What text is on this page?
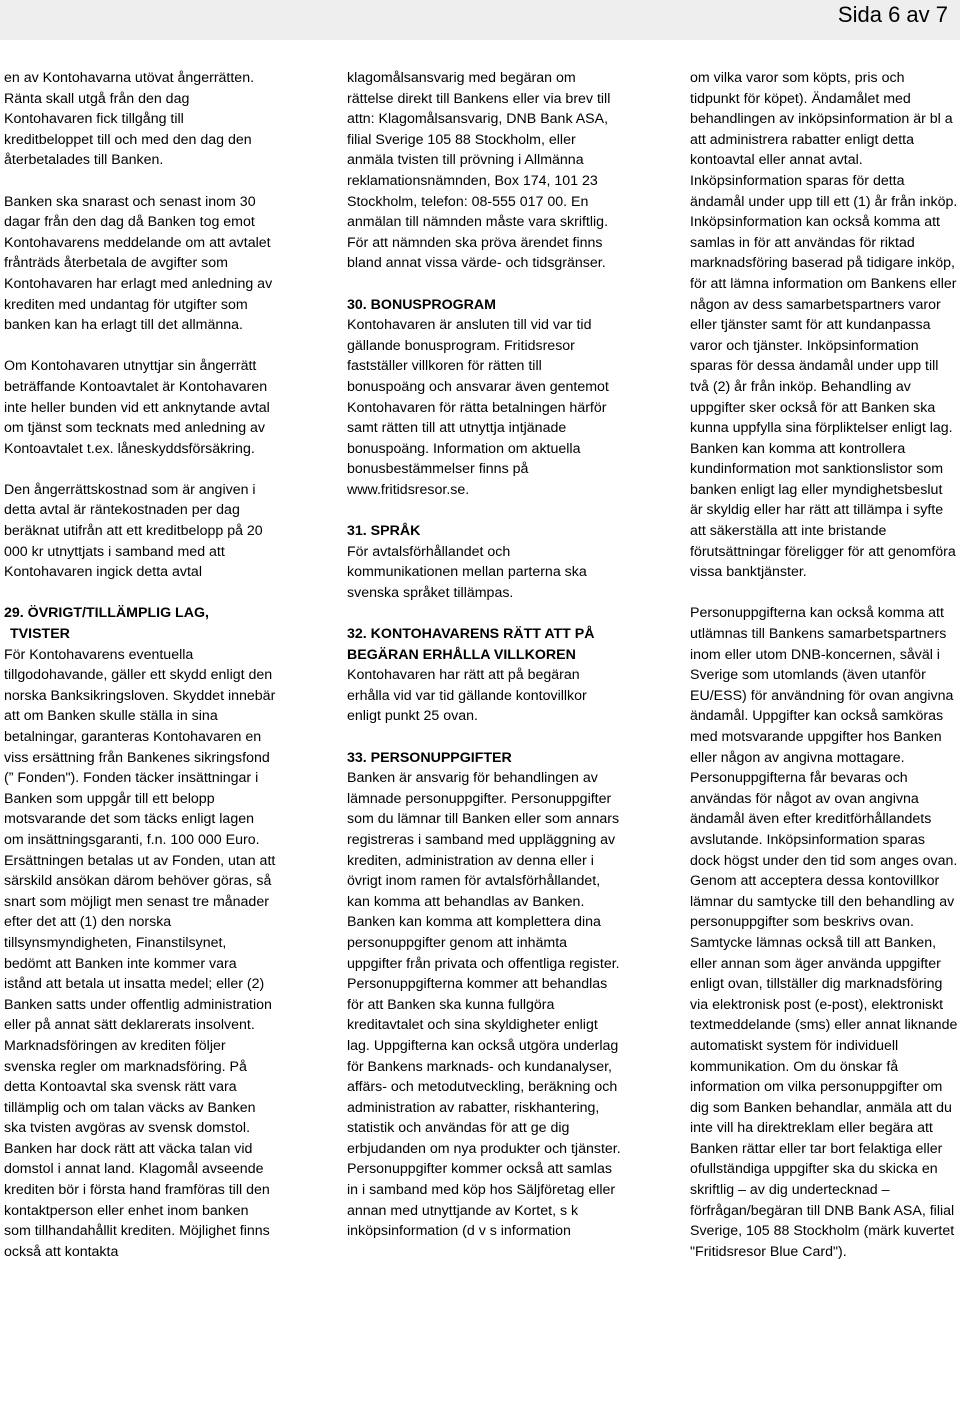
Sida 6 av 7

en av Kontohavarna utövat ångerrätten. Ränta skall utgå från den dag Kontohavaren fick tillgång till kreditbeloppet till och med den dag den återbetalades till Banken.

Banken ska snarast och senast inom 30 dagar från den dag då Banken tog emot Kontohavarens meddelande om att avtalet frånträds återbetala de avgifter som Kontohavaren har erlagt med anledning av krediten med undantag för utgifter som banken kan ha erlagt till det allmänna.

Om Kontohavaren utnyttjar sin ångerrätt beträffande Kontoavtalet är Kontohavaren inte heller bunden vid ett anknytande avtal om tjänst som tecknats med anledning av Kontoavtalet t.ex. låneskyddsförsäkring.

Den ångerrättskostnad som är angiven i detta avtal är räntekostnaden per dag beräknat utifrån att ett kreditbelopp på 20 000 kr utnyttjats i samband med att Kontohavaren ingick detta avtal

29. ÖVRIGT/TILLÄMPLIG LAG,
TVISTER

För Kontohavarens eventuella tillgodohavande, gäller ett skydd enligt den norska Banksikringsloven. Skyddet innebär att om Banken skulle ställa in sina betalningar, garanteras Kontohavaren en viss ersättning från Bankenes sikringsfond (” Fonden"). Fonden täcker insättningar i Banken som uppgår till ett belopp motsvarande det som täcks enligt lagen om insättningsgaranti, f.n. 100 000 Euro. Ersättningen betalas ut av Fonden, utan att särskild ansökan därom behöver göras, så snart som möjligt men senast tre månader efter det att (1) den norska tillsynsmyndigheten, Finanstilsynet, bedömt att Banken inte kommer vara istånd att betala ut insatta medel; eller (2) Banken satts under offentlig administration eller på annat sätt deklarerats insolvent.

Marknadsföringen av krediten följer svenska regler om marknadsföring. På detta Kontoavtal ska svensk rätt vara tillämplig och om talan väcks av Banken ska tvisten avgöras av svensk domstol. Banken har dock rätt att väcka talan vid domstol i annat land. Klagomål avseende krediten bör i första hand framföras till den kontaktperson eller enhet inom banken som tillhandahållit krediten. Möjlighet finns också att kontakta

klagomålsansvarig med begäran om rättelse direkt till Bankens eller via brev till attn: Klagomålsansvarig, DNB Bank ASA, filial Sverige 105 88 Stockholm, eller anmäla tvisten till prövning i Allmänna reklamationsnämnden, Box 174, 101 23 Stockholm, telefon: 08-555 017 00. En anmälan till nämnden måste vara skriftlig. För att nämnden ska pröva ärendet finns bland annat vissa värde- och tidsgränser.

30. BONUSPROGRAM

Kontohavaren är ansluten till vid var tid gällande bonusprogram. Fritidsresor fastställer villkoren för rätten till bonuspoäng och ansvarar även gentemot Kontohavaren för rätta betalningen härför samt rätten till att utnyttja intjänade bonuspoäng. Information om aktuella bonusbestämmelser finns på www.fritidsresor.se.

31. SPRÅK

För avtalsförhållandet och kommunikationen mellan parterna ska svenska språket tillämpas.

32. KONTOHAVARENS RÄTT ATT PÅ BEGÄRAN ERHÅLLA VILLKOREN

Kontohavaren har rätt att på begäran erhålla vid var tid gällande kontovillkor enligt punkt 25 ovan.

33. PERSONUPPGIFTER

Banken är ansvarig för behandlingen av lämnade personuppgifter. Personuppgifter som du lämnar till Banken eller som annars registreras i samband med uppläggning av krediten, administration av denna eller i övrigt inom ramen för avtalsförhållandet, kan komma att behandlas av Banken. Banken kan komma att komplettera dina personuppgifter genom att inhämta uppgifter från privata och offentliga register. Personuppgifterna kommer att behandlas för att Banken ska kunna fullgöra kreditavtalet och sina skyldigheter enligt lag. Uppgifterna kan också utgöra underlag för Bankens marknads- och kundanalyser, affärs- och metodutveckling, beräkning och administration av rabatter, riskhantering, statistik och användas för att ge dig erbjudanden om nya produkter och tjänster. Personuppgifter kommer också att samlas in i samband med köp hos Säljföretag eller annan med utnyttjande av Kortet, s k inköpsinformation (d v s information

om vilka varor som köpts, pris och tidpunkt för köpet). Ändamålet med behandlingen av inköpsinformation är bl a att administrera rabatter enligt detta kontoavtal eller annat avtal. Inköpsinformation sparas för detta ändamål under upp till ett (1) år från inköp. Inköpsinformation kan också komma att samlas in för att användas för riktad marknadsföring baserad på tidigare inköp, för att lämna information om Bankens eller någon av dess samarbetspartners varor eller tjänster samt för att kundanpassa varor och tjänster. Inköpsinformation sparas för dessa ändamål under upp till två (2) år från inköp. Behandling av uppgifter sker också för att Banken ska kunna uppfylla sina förpliktelser enligt lag. Banken kan komma att kontrollera kundinformation mot sanktionslistor som banken enligt lag eller myndighetsbeslut är skyldig eller har rätt att tillämpa i syfte att säkerställa att inte bristande förutsättningar föreligger för att genomföra vissa banktjänster.

Personuppgifterna kan också komma att utlämnas till Bankens samarbetspartners inom eller utom DNB-koncernen, såväl i Sverige som utomlands (även utanför EU/ESS) för användning för ovan angivna ändamål. Uppgifter kan också samköras med motsvarande uppgifter hos Banken eller någon av angivna mottagare. Personuppgifterna får bevaras och användas för något av ovan angivna ändamål även efter kreditförhållandets avslutande. Inköpsinformation sparas dock högst under den tid som anges ovan. Genom att acceptera dessa kontovillkor lämnar du samtycke till den behandling av personuppgifter som beskrivs ovan. Samtycke lämnas också till att Banken, eller annan som äger använda uppgifter enligt ovan, tillställer dig marknadsföring via elektronisk post (e-post), elektroniskt textmeddelande (sms) eller annat liknande automatiskt system för individuell kommunikation. Om du önskar få information om vilka personuppgifter om dig som Banken behandlar, anmäla att du inte vill ha direktreklam eller begära att Banken rättar eller tar bort felaktiga eller ofullständiga uppgifter ska du skicka en skriftlig – av dig undertecknad – förfrågan/begäran till DNB Bank ASA, filial Sverige, 105 88 Stockholm (märk kuvertet "Fritidsresor Blue Card").
